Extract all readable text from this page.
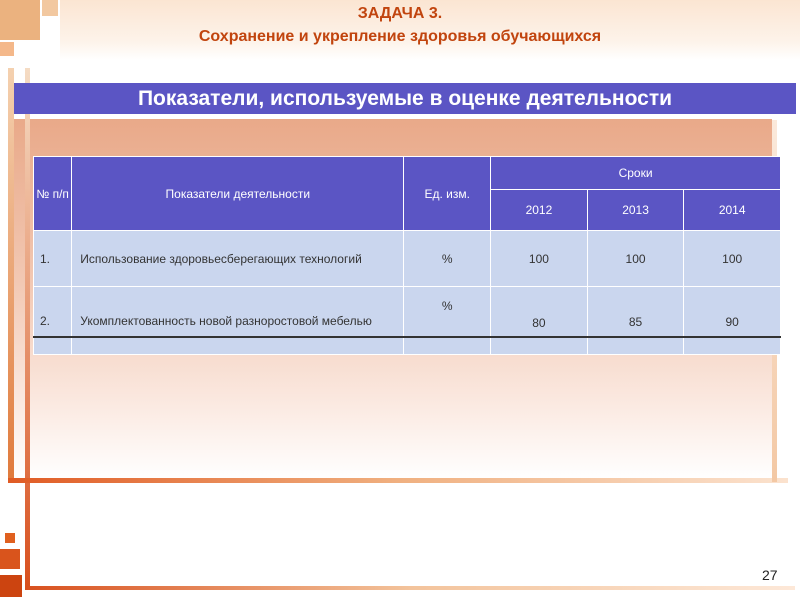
ЗАДАЧА 3.
Сохранение и укрепление здоровья обучающихся
Показатели, используемые в оценке деятельности
№ п/п	Показатели деятельности	Ед. изм.	Сроки		
			2012	2013	2014
1.	Использование здоровьесберегающих технологий	%	100	100	100
2.	Укомплектованность новой разноростовой мебелью	%	80	85	90
27
